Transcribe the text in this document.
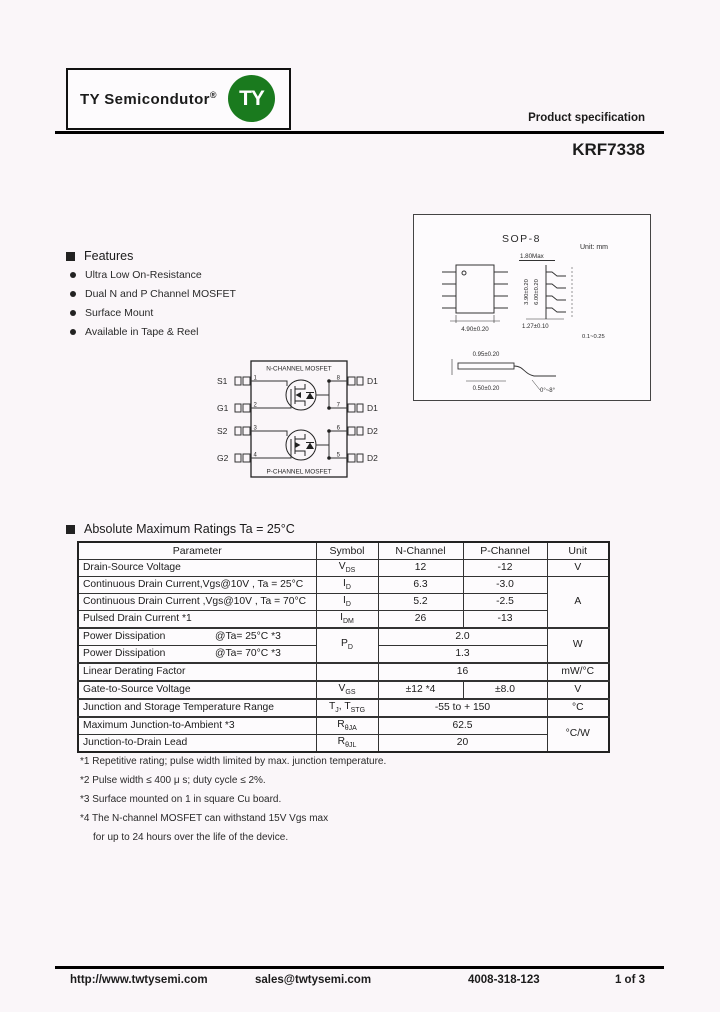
TY Semicondutor®	TY
Product specification
KRF7338
SOP-8
Unit: mm
4.90±0.20
1.80Max
3.90±0.20 6.00±0.20
1.27±0.10
0.1~0.25
0.95±0.20
0.50±0.20	0°~8°
Features
Ultra Low On-Resistance
Dual N and P Channel MOSFET
Surface Mount
Available in Tape & Reel
N-CHANNEL MOSFET
P-CHANNEL MOSFET
S1
G1
S2
G2
1
2
3
4
D1
D1
D2
D2
8
7
6
5
Absolute Maximum Ratings Ta = 25°C
Parameter	Symbol	N-Channel	P-Channel	Unit
Drain-Source Voltage	$V_{DS}$	12	-12	V
Continuous Drain Current,Vgs@10V , Ta = 25°C	$I_D$	6.3	-3.0	A
Continuous Drain Current ,Vgs@10V , Ta = 70°C	$I_D$	5.2	-2.5	
Pulsed Drain Current *1	$I_{DM}$	26	-13	

Power Dissipation @Ta= 25°C *3	$P_D$	2.0		W

Power Dissipation @Ta= 70°C *3		1.3		
Linear Derating Factor		16		mW/°C
Gate-to-Source Voltage	$V_{GS}$	±12 *4	±8.0	V
Junction and Storage Temperature Range	$T_J$, $T_{STG}$	-55 to + 150		°C
Maximum Junction-to-Ambient *3	$R_{\theta JA}$	62.5		°C/W
Junction-to-Drain Lead	$R_{\theta JL}$	20		
*1 Repetitive rating; pulse width limited by max. junction temperature.
*2 Pulse width ≤ 400 μ s; duty cycle ≤ 2%.
*3 Surface mounted on 1 in square Cu board.
*4 The N-channel MOSFET can withstand 15V Vgs max
for up to 24 hours over the life of the device.
http://www.twtysemi.com	sales@twtysemi.com	4008-318-123	1 of 3
